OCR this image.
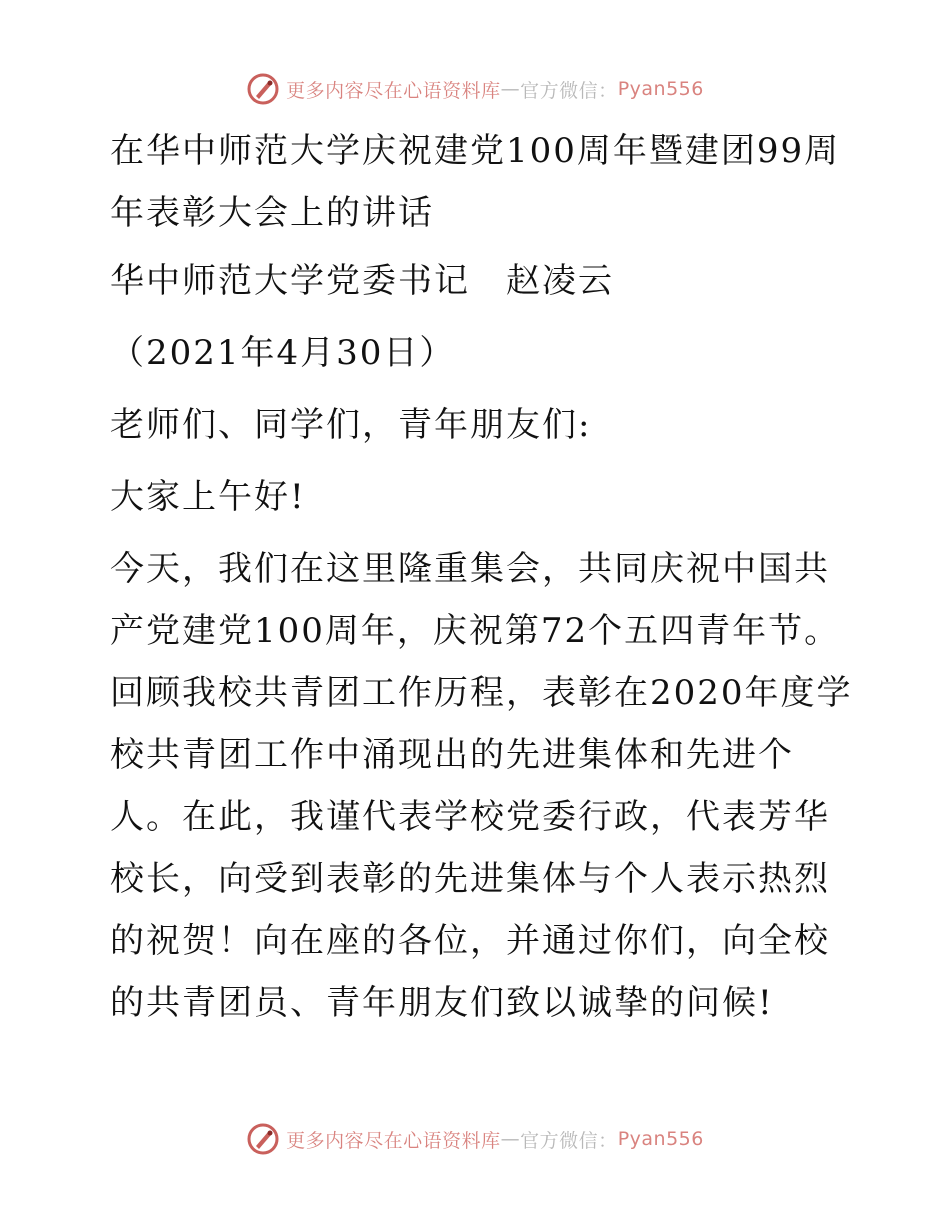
更多内容尽在心语资料库 — 官方微信： Pyan556

在华中师范大学庆祝建党100周年暨建团99周年表彰大会上的讲话

华中师范大学党委书记　赵凌云

（2021年4月30日）

老师们、同学们，青年朋友们:

大家上午好!

今天，我们在这里隆重集会，共同庆祝中国共产党建党100周年，庆祝第72个五四青年节。回顾我校共青团工作历程，表彰在2020年度学校共青团工作中涌现出的先进集体和先进个人。在此，我谨代表学校党委行政，代表芳华校长，向受到表彰的先进集体与个人表示热烈的祝贺！向在座的各位，并通过你们，向全校的共青团员、青年朋友们致以诚挚的问候!

更多内容尽在心语资料库 — 官方微信： Pyan556
